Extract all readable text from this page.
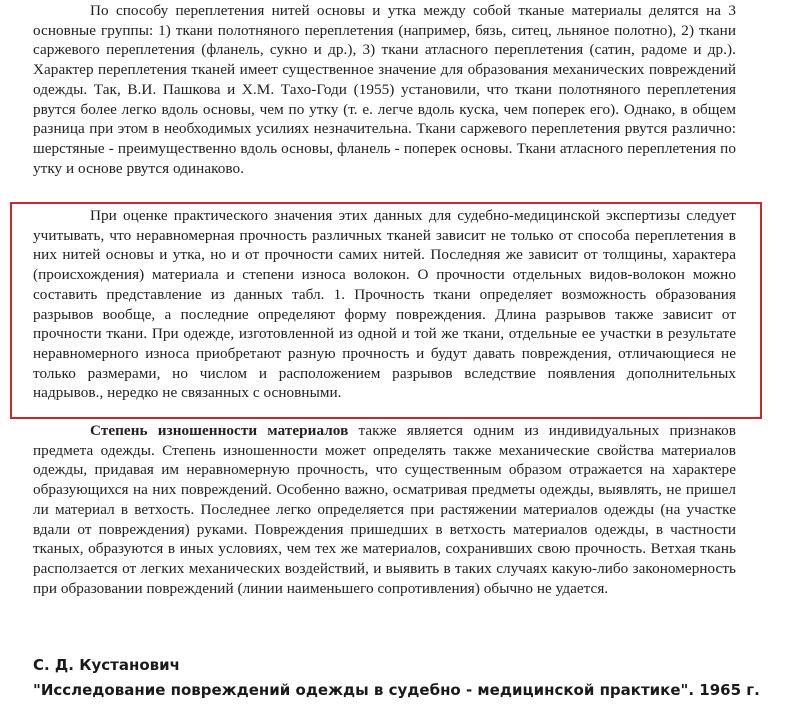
По способу переплетения нитей основы и утка между собой тканые материалы делятся на 3 основные группы: 1) ткани полотняного переплетения (например, бязь, ситец, льняное полотно), 2) ткани саржевого переплетения (фланель, сукно и др.), 3) ткани атласного переплетения (сатин, радоме и др.). Характер переплетения тканей имеет существенное значение для образования механических повреждений одежды. Так, В.И. Пашкова и Х.М. Тахо-Годи (1955) установили, что ткани полотняного переплетения рвутся более легко вдоль основы, чем по утку (т. е. легче вдоль куска, чем поперек его). Однако, в общем разница при этом в необходимых усилиях незначительна. Ткани саржевого переплетения рвутся различно: шерстяные - преимущественно вдоль основы, фланель - поперек основы. Ткани атласного переплетения по утку и основе рвутся одинаково.

При оценке практического значения этих данных для судебно-медицинской экспертизы следует учитывать, что неравномерная прочность различных тканей зависит не только от способа переплетения в них нитей основы и утка, но и от прочности самих нитей. Последняя же зависит от толщины, характера (происхождения) материала и степени износа волокон. О прочности отдельных видов-волокон можно составить представление из данных табл. 1. Прочность ткани определяет возможность образования разрывов вообще, а последние определяют форму повреждения. Длина разрывов также зависит от прочности ткани. При одежде, изготовленной из одной и той же ткани, отдельные ее участки в результате неравномерного износа приобретают разную прочность и будут давать повреждения, отличающиеся не только размерами, но числом и расположением разрывов вследствие появления дополнительных надрывов., нередко не связанных с основными.

Степень изношенности материалов также является одним из индивидуальных признаков предмета одежды. Степень изношенности может определять также механические свойства материалов одежды, придавая им неравномерную прочность, что существенным образом отражается на характере образующихся на них повреждений. Особенно важно, осматривая предметы одежды, выявлять, не пришел ли материал в ветхость. Последнее легко определяется при растяжении материалов одежды (на участке вдали от повреждения) руками. Повреждения пришедших в ветхость материалов одежды, в частности тканых, образуются в иных условиях, чем тех же материалов, сохранивших свою прочность. Ветхая ткань расползается от легких механических воздействий, и выявить в таких случаях какую-либо закономерность при образовании повреждений (линии наименьшего сопротивления) обычно не удается.

С. Д. Кустанович

"Исследование повреждений одежды в судебно - медицинской практике". 1965 г.
